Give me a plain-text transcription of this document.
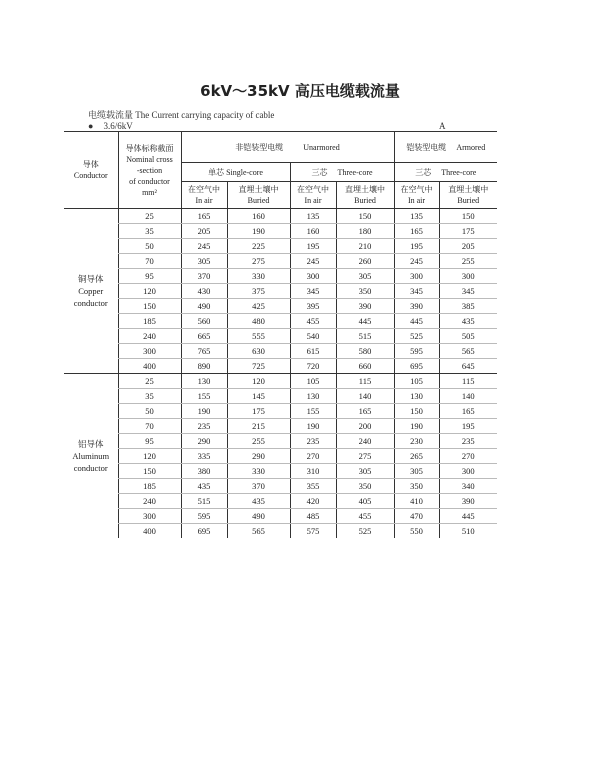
6kV～35kV 高压电缆载流量
电缆载流量 The Current carrying capacity of cable
● 3.6/6kV	A
导体
Conductor	导体标称截面
Nominal cross
-section
of conductor
mm²	非铠装型电缆 Unarmored				铠装型电缆 Armored	
		单芯 Single-core		三芯 Three-core		三芯 Three-core	

		在空气中
In air	直埋土壤中
Buried	在空气中
In air	直埋土壤中
Buried	在空气中
In air	直埋土壤中
Buried

铜导体
Copper
conductor	25	165	160	135	150	135	150
	35	205	190	160	180	165	175
	50	245	225	195	210	195	205
	70	305	275	245	260	245	255
	95	370	330	300	305	300	300
	120	430	375	345	350	345	345
	150	490	425	395	390	390	385
	185	560	480	455	445	445	435
	240	665	555	540	515	525	505
	300	765	630	615	580	595	565
	400	890	725	720	660	695	645

铝导体
Aluminum
conductor	25	130	120	105	115	105	115
	35	155	145	130	140	130	140
	50	190	175	155	165	150	165
	70	235	215	190	200	190	195
	95	290	255	235	240	230	235
	120	335	290	270	275	265	270
	150	380	330	310	305	305	300
	185	435	370	355	350	350	340
	240	515	435	420	405	410	390
	300	595	490	485	455	470	445
	400	695	565	575	525	550	510
